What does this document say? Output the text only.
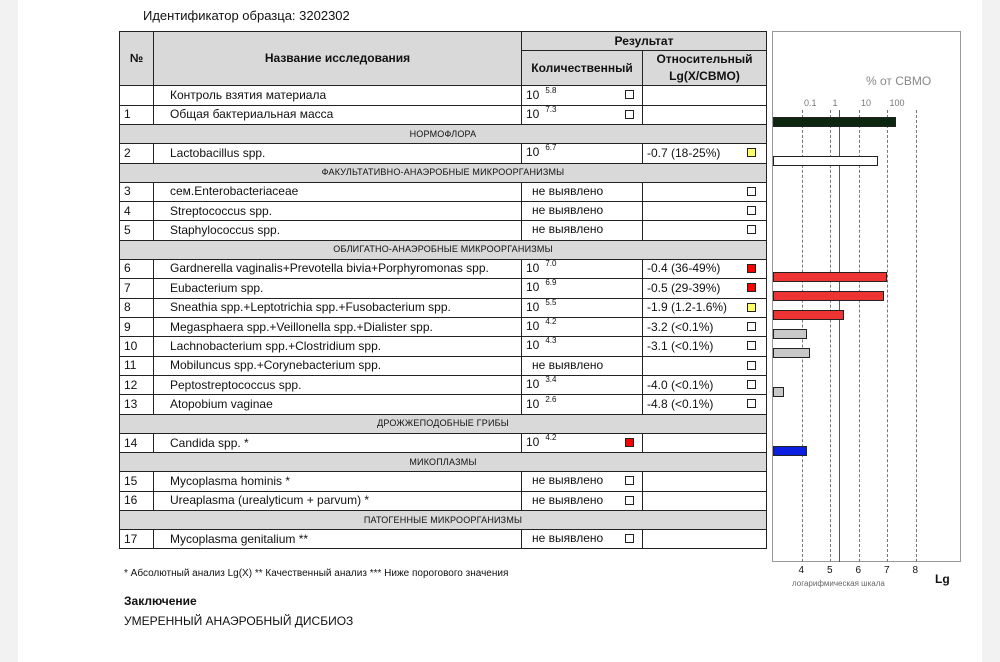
Идентификатор образца: 3202302
№	Название исследования	Результат	
		Количественный	Относительный
Lg(X/СВМО)
	Контроль взятия материала	10 $^{5.8}$

1	Общая бактериальная масса	10 $^{7.3}$

НОРМОФЛОРА			
2	Lactobacillus spp.	10 $^{6.7}$	-0.7 (18-25%)

ФАКУЛЬТАТИВНО-АНАЭРОБНЫЕ МИКРООРГАНИЗМЫ			
3	сем.Enterobacteriaceae	не выявлено	

4	Streptococcus spp.	не выявлено	

5	Staphylococcus spp.	не выявлено	

ОБЛИГАТНО-АНАЭРОБНЫЕ МИКРООРГАНИЗМЫ			
6	Gardnerella vaginalis+Prevotella bivia+Porphyromonas spp.	10 $^{7.0}$	-0.4 (36-49%)

7	Eubacterium spp.	10 $^{6.9}$	-0.5 (29-39%)

8	Sneathia spp.+Leptotrichia spp.+Fusobacterium spp.	10 $^{5.5}$	-1.9 (1.2-1.6%)

9	Megasphaera spp.+Veillonella spp.+Dialister spp.	10 $^{4.2}$	-3.2 (<0.1%)

10	Lachnobacterium spp.+Clostridium spp.	10 $^{4.3}$	-3.1 (<0.1%)

11	Mobiluncus spp.+Corynebacterium spp.	не выявлено	

12	Peptostreptococcus spp.	10 $^{3.4}$	-4.0 (<0.1%)

13	Atopobium vaginae	10 $^{2.6}$	-4.8 (<0.1%)

ДРОЖЖЕПОДОБНЫЕ ГРИБЫ			
14	Candida spp. *	10 $^{4.2}$

МИКОПЛАЗМЫ			
15	Mycoplasma hominis *	не выявлено	

16	Ureaplasma (urealyticum + parvum) *	не выявлено	

ПАТОГЕННЫЕ МИКРООРГАНИЗМЫ			
17	Mycoplasma genitalium **	не выявлено	

% от СВМО
0.1 1	10 100
4 5 6 7 8
логарифмическая шкала	Lg
* Абсолютный анализ Lg(X) ** Качественный анализ *** Ниже порогового значения
Заключение
УМЕРЕННЫЙ АНАЭРОБНЫЙ ДИСБИОЗ
